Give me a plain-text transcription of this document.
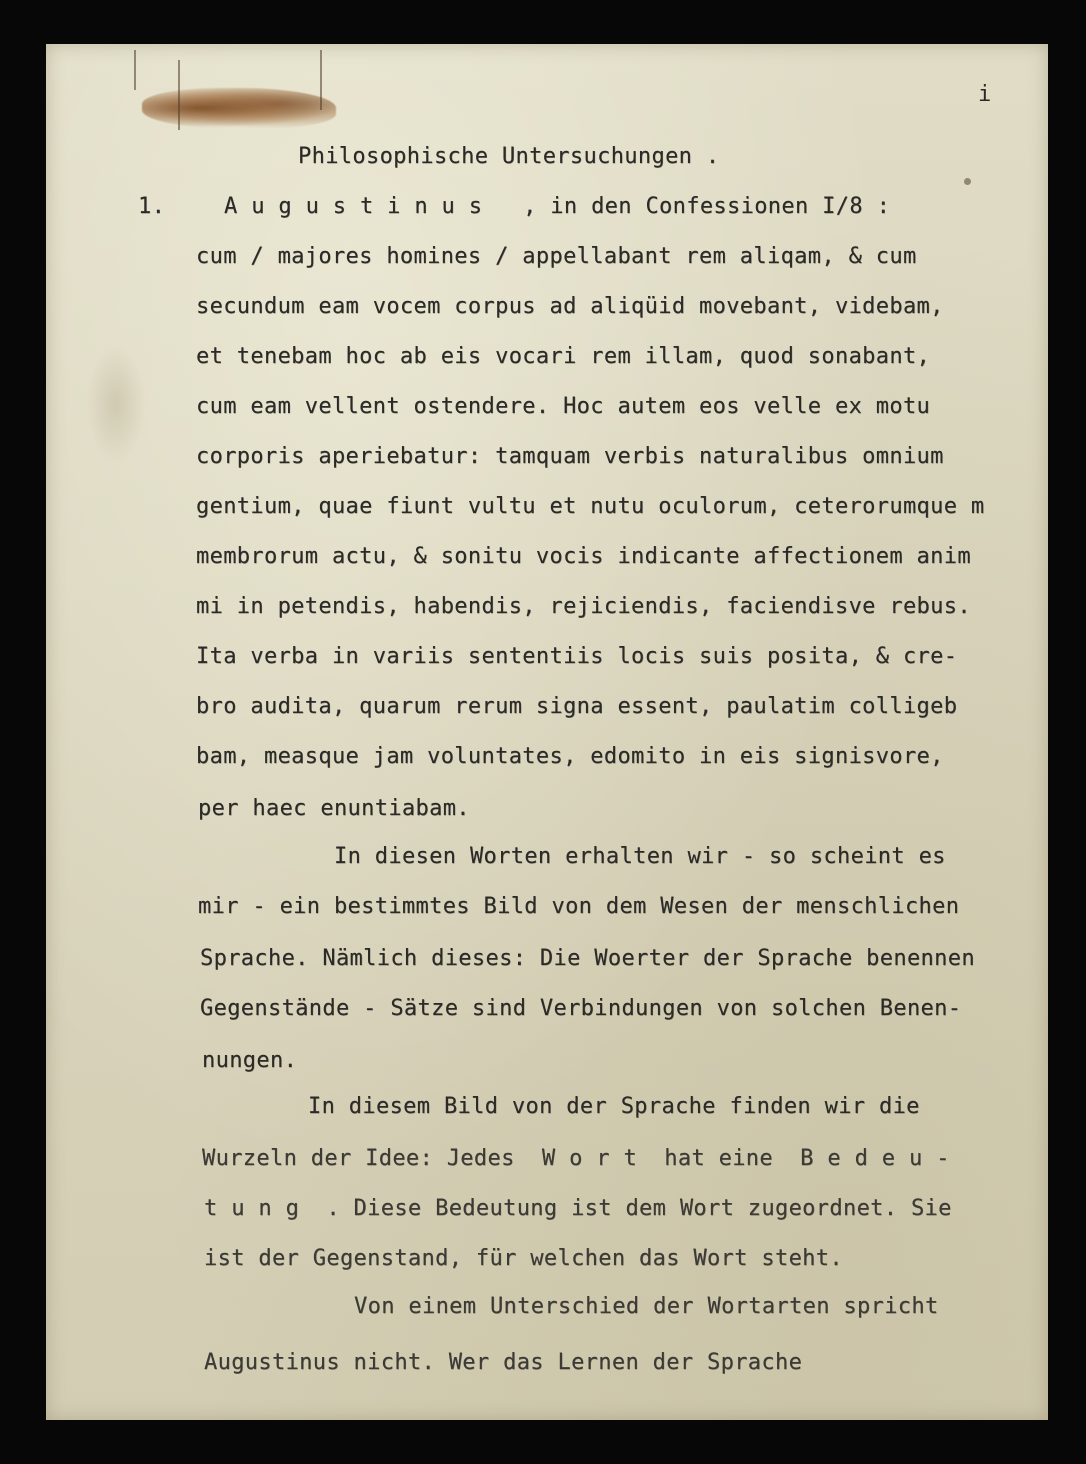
i
Philosophische Untersuchungen .
1.	A u g u s t i n u s   , in den Confessionen I/8 :
cum / majores homines / appellabant rem aliqam, & cum
secundum eam vocem corpus ad aliqüid movebant, videbam,
et tenebam hoc ab eis vocari rem illam, quod sonabant,
cum eam vellent ostendere. Hoc autem eos velle ex motu
corporis aperiebatur: tamquam verbis naturalibus omnium
gentium, quae fiunt vultu et nutu oculorum, ceterorumque m
membrorum actu, & sonitu vocis indicante affectionem anim
mi in petendis, habendis, rejiciendis, faciendisve rebus.
Ita verba in variis sententiis locis suis posita, & cre-
bro audita, quarum rerum signa essent, paulatim colligeb
bam, measque jam voluntates, edomito in eis signisvore,
per haec enuntiabam.
In diesen Worten erhalten wir - so scheint es
mir - ein bestimmtes Bild von dem Wesen der menschlichen
Sprache. Nämlich dieses: Die Woerter der Sprache benennen
Gegenstände - Sätze sind Verbindungen von solchen Benen-
nungen.
In diesem Bild von der Sprache finden wir die
Wurzeln der Idee: Jedes  W o r t  hat eine  B e d e u -
t u n g  . Diese Bedeutung ist dem Wort zugeordnet. Sie
ist der Gegenstand, für welchen das Wort steht.
Von einem Unterschied der Wortarten spricht
Augustinus nicht. Wer das Lernen der Sprache
